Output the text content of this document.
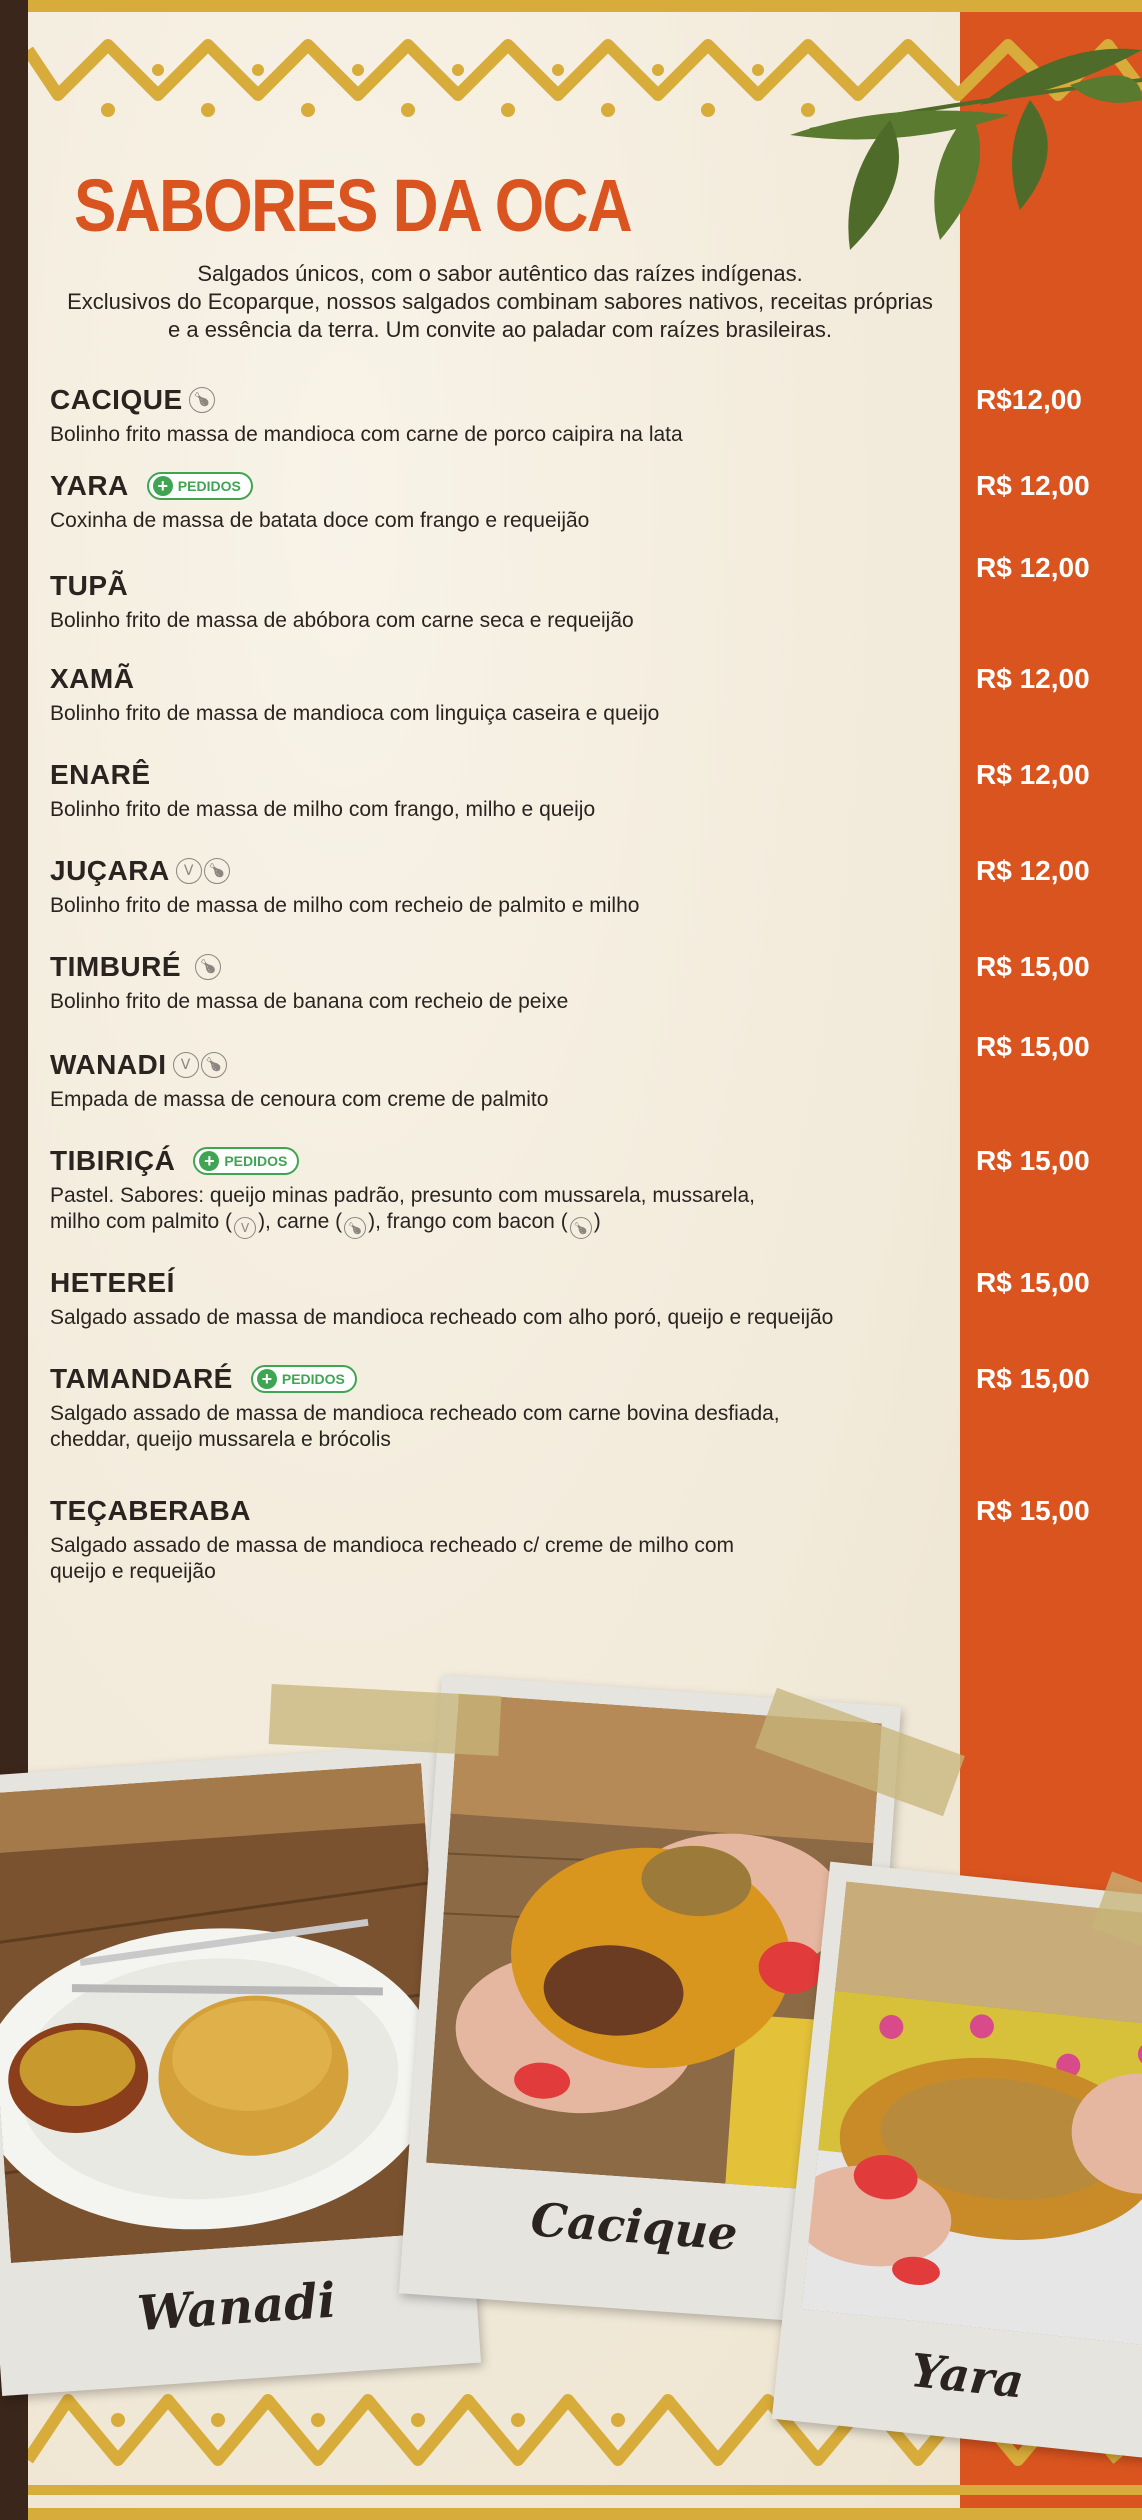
SABORES DA OCA

Salgados únicos, com o sabor autêntico das raízes indígenas.

Exclusivos do Ecoparque, nossos salgados combinam sabores nativos, receitas próprias

e a essência da terra. Um convite ao paladar com raízes brasileiras.

CACIQUE 🍗︎
Bolinho frito massa de mandioca com carne de porco caipira na lata
R$12,00
YARA + PEDIDOS
Coxinha de massa de batata doce com frango e requeijão
R$ 12,00
TUPÃ
Bolinho frito de massa de abóbora com carne seca e requeijão
R$ 12,00
XAMÃ
Bolinho frito de massa de mandioca com linguiça caseira e queijo
R$ 12,00
ENARÊ
Bolinho frito de massa de milho com frango, milho e queijo
R$ 12,00
JUÇARA V 🍗︎
Bolinho frito de massa de milho com recheio de palmito e milho
R$ 12,00
TIMBURÉ 🍗︎
Bolinho frito de massa de banana com recheio de peixe
R$ 15,00
WANADI V 🍗︎
Empada de massa de cenoura com creme de palmito
R$ 15,00
TIBIRIÇÁ + PEDIDOS
Pastel. Sabores: queijo minas padrão, presunto com mussarela, mussarela,
milho com palmito ( V ), carne ( 🍗︎ ), frango com bacon ( 🍗︎ )
R$ 15,00
HETEREÍ
Salgado assado de massa de mandioca recheado com alho poró, queijo e requeijão
R$ 15,00
TAMANDARÉ + PEDIDOS
Salgado assado de massa de mandioca recheado com carne bovina desfiada,
cheddar, queijo mussarela e brócolis
R$ 15,00
TEÇABERABA
Salgado assado de massa de mandioca recheado c/ creme de milho com
queijo e requeijão
R$ 15,00
Wanadi
Cacique
Yara
